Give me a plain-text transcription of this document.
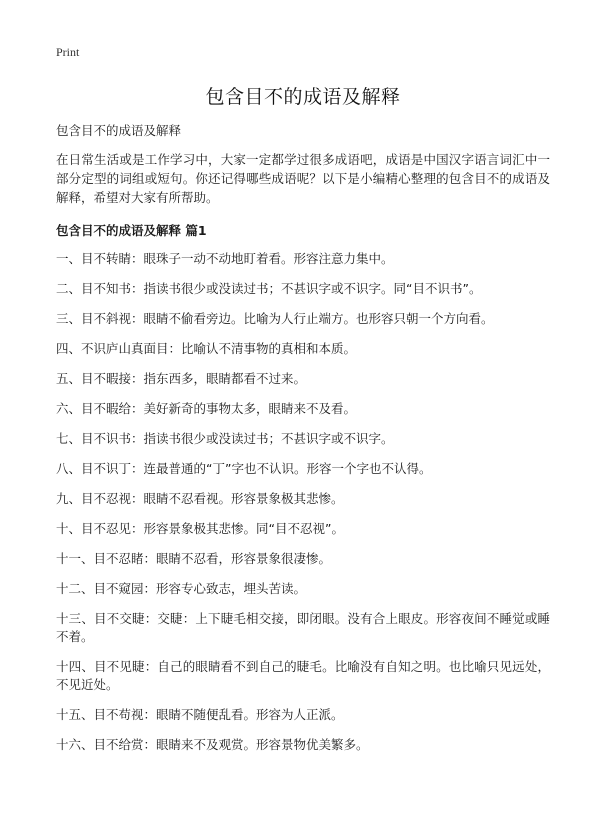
Print

包含目不的成语及解释
包含目不的成语及解释
在日常生活或是工作学习中，大家一定都学过很多成语吧，成语是中国汉字语言词汇中一部分定型的词组或短句。你还记得哪些成语呢？以下是小编精心整理的包含目不的成语及解释，希望对大家有所帮助。
包含目不的成语及解释 篇1
一、目不转睛：眼珠子一动不动地盯着看。形容注意力集中。
二、目不知书：指读书很少或没读过书；不甚识字或不识字。同“目不识书”。
三、目不斜视：眼睛不偷看旁边。比喻为人行止端方。也形容只朝一个方向看。
四、不识庐山真面目：比喻认不清事物的真相和本质。
五、目不暇接：指东西多，眼睛都看不过来。
六、目不暇给：美好新奇的事物太多，眼睛来不及看。
七、目不识书：指读书很少或没读过书；不甚识字或不识字。
八、目不识丁：连最普通的“丁”字也不认识。形容一个字也不认得。
九、目不忍视：眼睛不忍看视。形容景象极其悲惨。
十、目不忍见：形容景象极其悲惨。同“目不忍视”。
十一、目不忍睹：眼睛不忍看，形容景象很凄惨。
十二、目不窥园：形容专心致志，埋头苦读。
十三、目不交睫：交睫：上下睫毛相交接，即闭眼。没有合上眼皮。形容夜间不睡觉或睡不着。
十四、目不见睫：自己的眼睛看不到自己的睫毛。比喻没有自知之明。也比喻只见远处，不见近处。
十五、目不苟视：眼睛不随便乱看。形容为人正派。
十六、目不给赏：眼睛来不及观赏。形容景物优美繁多。
